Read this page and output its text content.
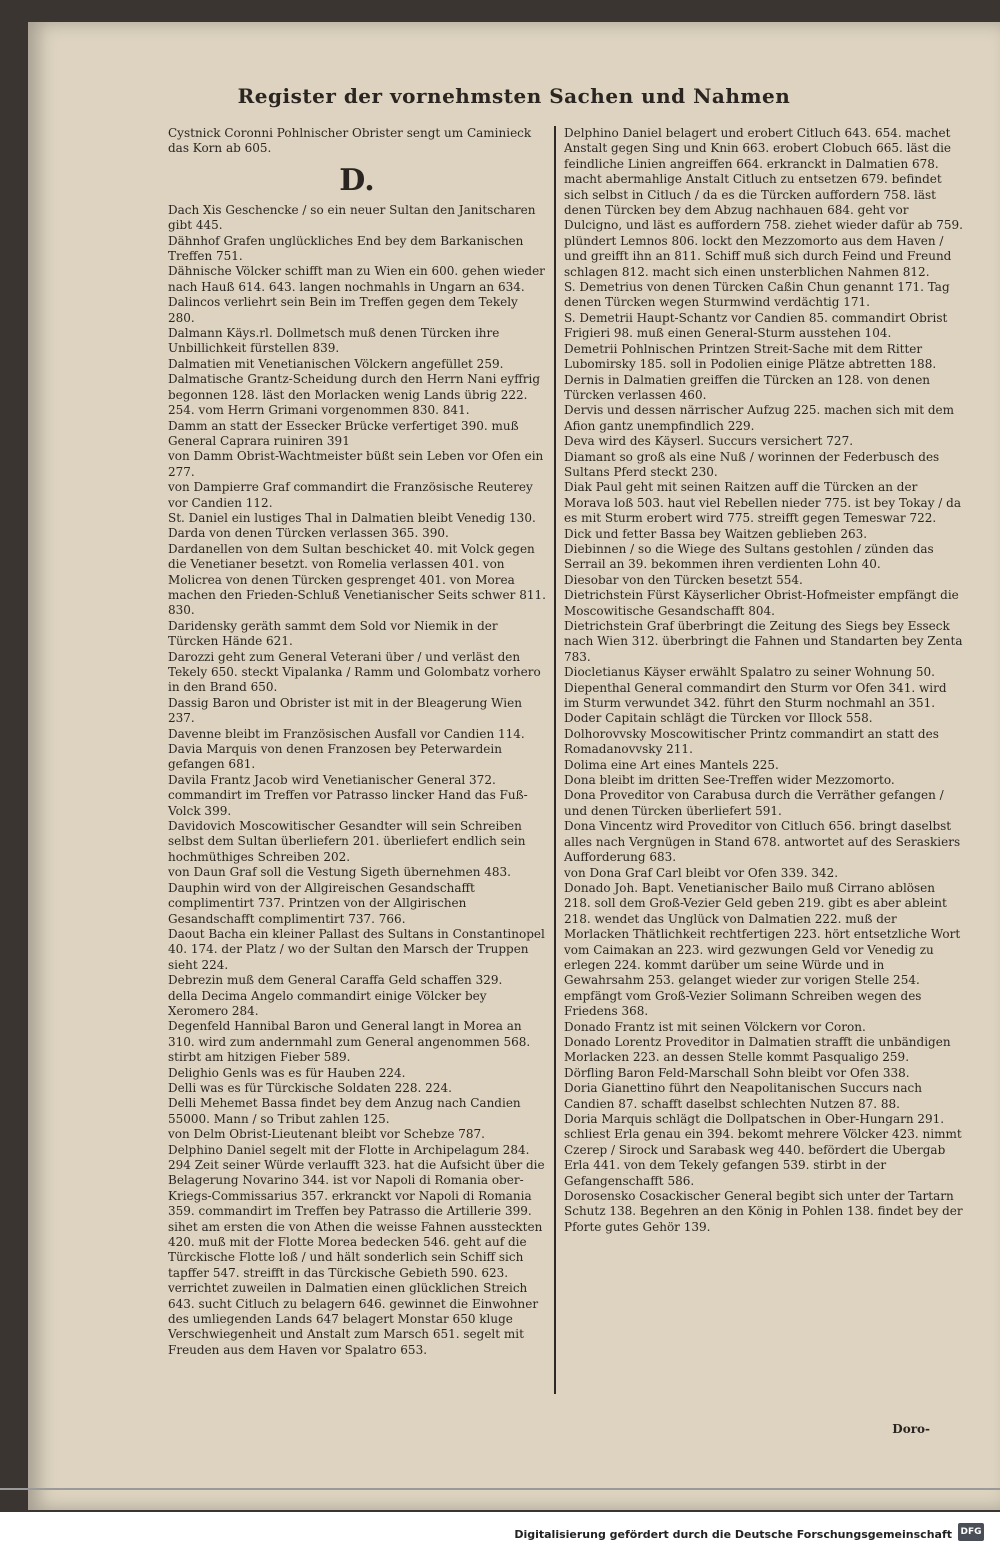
Register der vornehmsten Sachen und Nahmen

Cystnick Coronni Pohlnischer Obrister sengt um Caminieck das Korn ab 605.

D.

Dach Xis Geschencke / so ein neuer Sultan den Janitscharen gibt 445.

Dähnhof Grafen unglückliches End bey dem Barkanischen Treffen 751.

Dähnische Völcker schifft man zu Wien ein 600. gehen wieder nach Hauß 614. 643. langen nochmahls in Ungarn an 634.

Dalincos verliehrt sein Bein im Treffen gegen dem Tekely 280.

Dalmann Käys.rl. Dollmetsch muß denen Türcken ihre Unbillichkeit fürstellen 839.

Dalmatien mit Venetianischen Völckern angefüllet 259.

Dalmatische Grantz-Scheidung durch den Herrn Nani eyffrig begonnen 128. läst den Morlacken wenig Lands übrig 222. 254. vom Herrn Grimani vorgenommen 830. 841.

Damm an statt der Essecker Brücke verfertiget 390. muß General Caprara ruiniren 391

von Damm Obrist-Wachtmeister büßt sein Leben vor Ofen ein 277.

von Dampierre Graf commandirt die Französische Reuterey vor Candien 112.

St. Daniel ein lustiges Thal in Dalmatien bleibt Venedig 130.

Darda von denen Türcken verlassen 365. 390.

Dardanellen von dem Sultan beschicket 40. mit Volck gegen die Venetianer besetzt. von Romelia verlassen 401. von Molicrea von denen Türcken gesprenget 401. von Morea machen den Frieden-Schluß Venetianischer Seits schwer 811. 830.

Daridensky geräth sammt dem Sold vor Niemik in der Türcken Hände 621.

Darozzi geht zum General Veterani über / und verläst den Tekely 650. steckt Vipalanka / Ramm und Golombatz vorhero in den Brand 650.

Dassig Baron und Obrister ist mit in der Bleagerung Wien 237.

Davenne bleibt im Französischen Ausfall vor Candien 114.

Davia Marquis von denen Franzosen bey Peterwardein gefangen 681.

Davila Frantz Jacob wird Venetianischer General 372. commandirt im Treffen vor Patrasso lincker Hand das Fuß-Volck 399.

Davidovich Moscowitischer Gesandter will sein Schreiben selbst dem Sultan überliefern 201. überliefert endlich sein hochmüthiges Schreiben 202.

von Daun Graf soll die Vestung Sigeth übernehmen 483.

Dauphin wird von der Allgireischen Gesandschafft complimentirt 737. Printzen von der Allgirischen Gesandschafft complimentirt 737. 766.

Daout Bacha ein kleiner Pallast des Sultans in Constantinopel 40. 174. der Platz / wo der Sultan den Marsch der Truppen sieht 224.

Debrezin muß dem General Caraffa Geld schaffen 329.

della Decima Angelo commandirt einige Völcker bey Xeromero 284.

Degenfeld Hannibal Baron und General langt in Morea an 310. wird zum andernmahl zum General angenommen 568. stirbt am hitzigen Fieber 589.

Delighio Genls was es für Hauben 224.

Delli was es für Türckische Soldaten 228. 224.

Delli Mehemet Bassa findet bey dem Anzug nach Candien 55000. Mann / so Tribut zahlen 125.

von Delm Obrist-Lieutenant bleibt vor Schebze 787.

Delphino Daniel segelt mit der Flotte in Archipelagum 284. 294 Zeit seiner Würde verlaufft 323. hat die Aufsicht über die Belagerung Novarino 344. ist vor Napoli di Romania ober-Kriegs-Commissarius 357. erkranckt vor Napoli di Romania 359. commandirt im Treffen bey Patrasso die Artillerie 399. sihet am ersten die von Athen die weisse Fahnen aussteckten 420. muß mit der Flotte Morea bedecken 546. geht auf die Türckische Flotte loß / und hält sonderlich sein Schiff sich tapffer 547. streifft in das Türckische Gebieth 590. 623. verrichtet zuweilen in Dalmatien einen glücklichen Streich 643. sucht Citluch zu belagern 646. gewinnet die Einwohner des umliegenden Lands 647 belagert Monstar 650 kluge Verschwiegenheit und Anstalt zum Marsch 651. segelt mit Freuden aus dem Haven vor Spalatro 653.

Delphino Daniel belagert und erobert Citluch 643. 654. machet Anstalt gegen Sing und Knin 663. erobert Clobuch 665. läst die feindliche Linien angreiffen 664. erkranckt in Dalmatien 678. macht abermahlige Anstalt Citluch zu entsetzen 679. befindet sich selbst in Citluch / da es die Türcken auffordern 758. läst denen Türcken bey dem Abzug nachhauen 684. geht vor Dulcigno, und läst es auffordern 758. ziehet wieder dafür ab 759. plündert Lemnos 806. lockt den Mezzomorto aus dem Haven / und greifft ihn an 811. Schiff muß sich durch Feind und Freund schlagen 812. macht sich einen unsterblichen Nahmen 812.

S. Demetrius von denen Türcken Caßin Chun genannt 171. Tag denen Türcken wegen Sturmwind verdächtig 171.

S. Demetrii Haupt-Schantz vor Candien 85. commandirt Obrist Frigieri 98. muß einen General-Sturm ausstehen 104.

Demetrii Pohlnischen Printzen Streit-Sache mit dem Ritter Lubomirsky 185. soll in Podolien einige Plätze abtretten 188.

Dernis in Dalmatien greiffen die Türcken an 128. von denen Türcken verlassen 460.

Dervis und dessen närrischer Aufzug 225. machen sich mit dem Afion gantz unempfindlich 229.

Deva wird des Käyserl. Succurs versichert 727.

Diamant so groß als eine Nuß / worinnen der Federbusch des Sultans Pferd steckt 230.

Diak Paul geht mit seinen Raitzen auff die Türcken an der Morava loß 503. haut viel Rebellen nieder 775. ist bey Tokay / da es mit Sturm erobert wird 775. streifft gegen Temeswar 722.

Dick und fetter Bassa bey Waitzen geblieben 263.

Diebinnen / so die Wiege des Sultans gestohlen / zünden das Serrail an 39. bekommen ihren verdienten Lohn 40.

Diesobar von den Türcken besetzt 554.

Dietrichstein Fürst Käyserlicher Obrist-Hofmeister empfängt die Moscowitische Gesandschafft 804.

Dietrichstein Graf überbringt die Zeitung des Siegs bey Esseck nach Wien 312. überbringt die Fahnen und Standarten bey Zenta 783.

Diocletianus Käyser erwählt Spalatro zu seiner Wohnung 50.

Diepenthal General commandirt den Sturm vor Ofen 341. wird im Sturm verwundet 342. führt den Sturm nochmahl an 351.

Doder Capitain schlägt die Türcken vor Illock 558.

Dolhorovvsky Moscowitischer Printz commandirt an statt des Romadanovvsky 211.

Dolima eine Art eines Mantels 225.

Dona bleibt im dritten See-Treffen wider Mezzomorto.

Dona Proveditor von Carabusa durch die Verräther gefangen / und denen Türcken überliefert 591.

Dona Vincentz wird Proveditor von Citluch 656. bringt daselbst alles nach Vergnügen in Stand 678. antwortet auf des Seraskiers Aufforderung 683.

von Dona Graf Carl bleibt vor Ofen 339. 342.

Donado Joh. Bapt. Venetianischer Bailo muß Cirrano ablösen 218. soll dem Groß-Vezier Geld geben 219. gibt es aber ableint 218. wendet das Unglück von Dalmatien 222. muß der Morlacken Thätlichkeit rechtfertigen 223. hört entsetzliche Wort vom Caimakan an 223. wird gezwungen Geld vor Venedig zu erlegen 224. kommt darüber um seine Würde und in Gewahrsahm 253. gelanget wieder zur vorigen Stelle 254. empfängt vom Groß-Vezier Solimann Schreiben wegen des Friedens 368.

Donado Frantz ist mit seinen Völckern vor Coron.

Donado Lorentz Proveditor in Dalmatien strafft die unbändigen Morlacken 223. an dessen Stelle kommt Pasqualigo 259.

Dörfling Baron Feld-Marschall Sohn bleibt vor Ofen 338.

Doria Gianettino führt den Neapolitanischen Succurs nach Candien 87. schafft daselbst schlechten Nutzen 87. 88.

Doria Marquis schlägt die Dollpatschen in Ober-Hungarn 291. schliest Erla genau ein 394. bekomt mehrere Völcker 423. nimmt Czerep / Sirock und Sarabask weg 440. befördert die Ubergab Erla 441. von dem Tekely gefangen 539. stirbt in der Gefangenschafft 586.

Dorosensko Cosackischer General begibt sich unter der Tartarn Schutz 138. Begehren an den König in Pohlen 138. findet bey der Pforte gutes Gehör 139.

Doro-
Digitalisierung gefördert durch die Deutsche Forschungsgemeinschaft DFG
